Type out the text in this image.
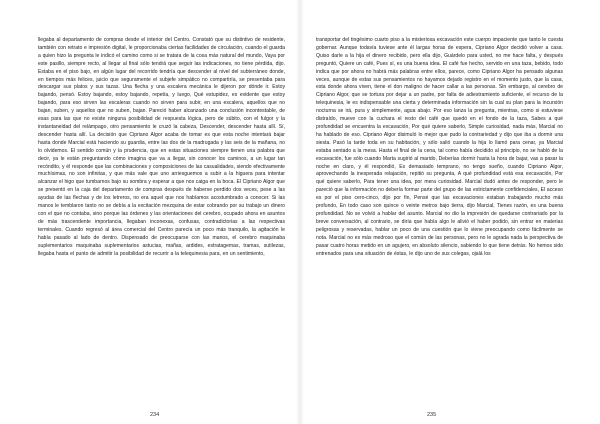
llegaba al departamento de compras desde el interior del Centro. Constató que su distintivo de residente, también con retrato e impresión digital, le proporcionaba ciertas facilidades de circulación, cuando el guarda a quien hizo la pregunta le indicó el camino como si se tratara de la cosa más natural del mundo, Vaya por este pasillo, siempre recto, al llegar al final sólo tendrá que seguir las indicaciones, no tiene pérdida, dijo. Estaba en el piso bajo, en algún lugar del recorrido tendría que descender al nivel del subterráneo donde, en tiempos más felices, juicio que seguramente el subjefe simpático no compartiría, se presentaba para descargar sus platos y sus tazas. Una flecha y una escalera mecánica le dijeron por dónde ir. Estoy bajando, pensó. Estoy bajando, estoy bajando, repetía, y luego, Qué estupidez, es evidente que estoy bajando, para eso sirven las escaleras cuando no sirven para subir, en una escalera, aquellos que no bajan, suben, y aquellos que no suben, bajan. Pareció haber alcanzado una conclusión incontestable, de esas para las que no existe ninguna posibilidad de respuesta lógica, pero de súbito, con el fulgor y la instantaneidad del relámpago, otro pensamiento le cruzó la cabeza, Descender, descender hasta allí. Sí, descender hasta allí. La decisión que Cipriano Algor acaba de tomar es que esta noche intentará bajar hasta donde Marcial está haciendo su guardia, entre las dos de la madrugada y las seis de la mañana, no lo olvidemos. El sentido común y la prudencia, que en estas situaciones siempre tienen una palabra que decir, ya le están preguntando cómo imagina que va a llegar, sin conocer los caminos, a un lugar tan recóndito, y él responde que las combinaciones y composiciones de las casualidades, siendo efectivamente muchísimas, no son infinitas, y que más vale que uno arriesguemos a subir a la higuera para intentar alcanzar el higo que tumbarnos bajo su sombra y esperar a que nos caiga en la boca. El Cipriano Algor que se presentó en la caja del departamento de compras después de haberse perdido dos veces, pese a las ayudas de las flechas y de los letreros, no era aquel que nos habíamos acostumbrado a conocer. Si las manos le temblaron tanto no se debía a la excitación mezquina de estar cobrando por su trabajo un dinero con el que no contaba, sino porque las órdenes y las orientaciones del cerebro, ocupado ahora en asuntos de más trascendente importancia, llegaban inconexas, confusas, contradictorias a las respectivas terminales. Cuando regresó al área comercial del Centro parecía un poco más tranquilo, la agitación le había pasado al lado de dentro. Dispensado de preocuparse con las manos, el cerebro maquinaba suplementarios maquinaba suplementarios astucias, mañas, ardides, estratagemas, tramas, sutilezas, llegaba hasta el punto de admitir la posibilidad de recurrir a la telequinesia para, en un sentimiento,

234

transportar del tingésimo cuarto piso a la misteriosa excavación este cuerpo impaciente que tanto le cuesta gobernar. Aunque todavía tuviese ante él largas horas de espera, Cipriano Algor decidió volver a casa. Quiso darle a la hija el dinero recibido, pero ella dijo, Guárdelo para usted, no me hace falta, y después preguntó, Quiere un café, Pues sí, es una buena idea. El café fue hecho, servido en una taza, bebido, todo indica que por ahora no habrá más palabras entre ellos, parece, como Cipriano Algor ha pensado algunas veces, aunque de estas sus pensamientos no hayamos dejado registro en el momento justo, que la casa, esta donde ahora viven, tiene el don maligno de hacer callar a las personas. Sin embargo, al cerebro de Cipriano Algor, que se tortura por dejar a un padre, por falta de adiestramiento suficiente, el recurso de la telequinesia, le es indispensable una cierta y determinada información sin la cual su plan para la incursión nocturna se irá, pura y simplemente, agua abajo. Por eso lanza la pregunta, mientras, como si estuviese distraído, mueve con la cuchara el resto del café que quedó en el fondo de la taza, Sabes a qué profundidad se encuentra la excavación, Por qué quiere saberlo, Simple curiosidad, nada más, Marcial no ha hablado de eso. Cipriano Algor disimuló lo mejor que pudo la contrariedad y dijo que iba a dormir una siesta. Pasó la tarde toda en su habitación, y sólo salió cuando la hija lo llamó para cenar, ya Marcial estaba sentado a la mesa. Hasta el final de la cena, tal como había decidido al principio, no se habló de la excavación, fue sólo cuando Marta sugirió al marido, Deberías dormir hasta la hora de bajar, vas a pasar la noche en claro, y él respondió, Es demasiado temprano, no tengo sueño, cuando Cipriano Algor, aprovechando la inesperada relajación, repitió su pregunta, A qué profundidad está esa excavación, Por qué quiere saberlo, Para tener una idea, por mera curiosidad. Marcial dudó antes de responder, pero le pareció que la información no debería formar parte del grupo de las estrictamente confidenciales, El acceso es por el piso cero-cinco, dijo por fin, Pensé que las excavaciones estaban trabajando mucho más profundo, En todo caso son quince o veinte metros bajo tierra, dijo Marcial, Tienes razón, es una buena profundidad. No se volvió a hablar del asunto. Marcial no dio la impresión de quedarse contrariado por la breve conversación, al contrario, se diría que había algo le alivió el haber podido, sin entrar en materias peligrosas y reservadas, hablar un poco de una cuestión que lo viene preocupando como fácilmente se nota. Marcial no es más medroso que el común de las personas, pero no le agrada nada la perspectiva de pasar cuatro horas metido en un agujero, en absoluto silencio, sabiendo lo que tiene detrás. No hemos sido entrenados para una situación de éstas, le dijo uno de sus colegas, ojalá los

235
